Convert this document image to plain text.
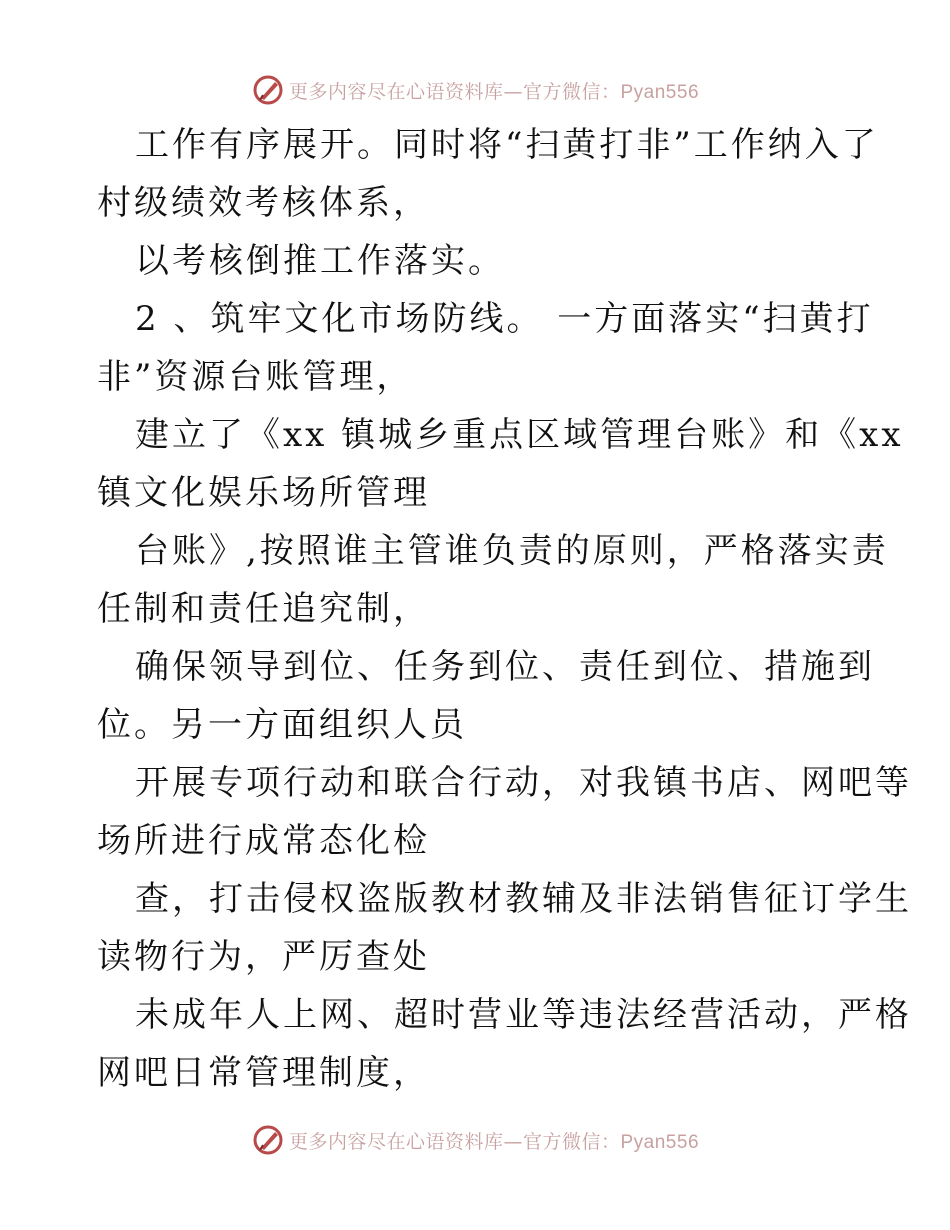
更多内容尽在心语资料库—官方微信：Pyan556
工作有序展开。同时将“扫黄打非”工作纳入了
村级绩效考核体系，
以考核倒推工作落实。
2 、筑牢文化市场防线。 一方面落实“扫黄打
非”资源台账管理，
建立了《xx 镇城乡重点区域管理台账》和《xx
镇文化娱乐场所管理
台账》,按照谁主管谁负责的原则，严格落实责
任制和责任追究制，
确保领导到位、任务到位、责任到位、措施到
位。另一方面组织人员
开展专项行动和联合行动，对我镇书店、网吧等
场所进行成常态化检
查，打击侵权盗版教材教辅及非法销售征订学生
读物行为，严厉查处
未成年人上网、超时营业等违法经营活动，严格
网吧日常管理制度，
更多内容尽在心语资料库—官方微信：Pyan556
